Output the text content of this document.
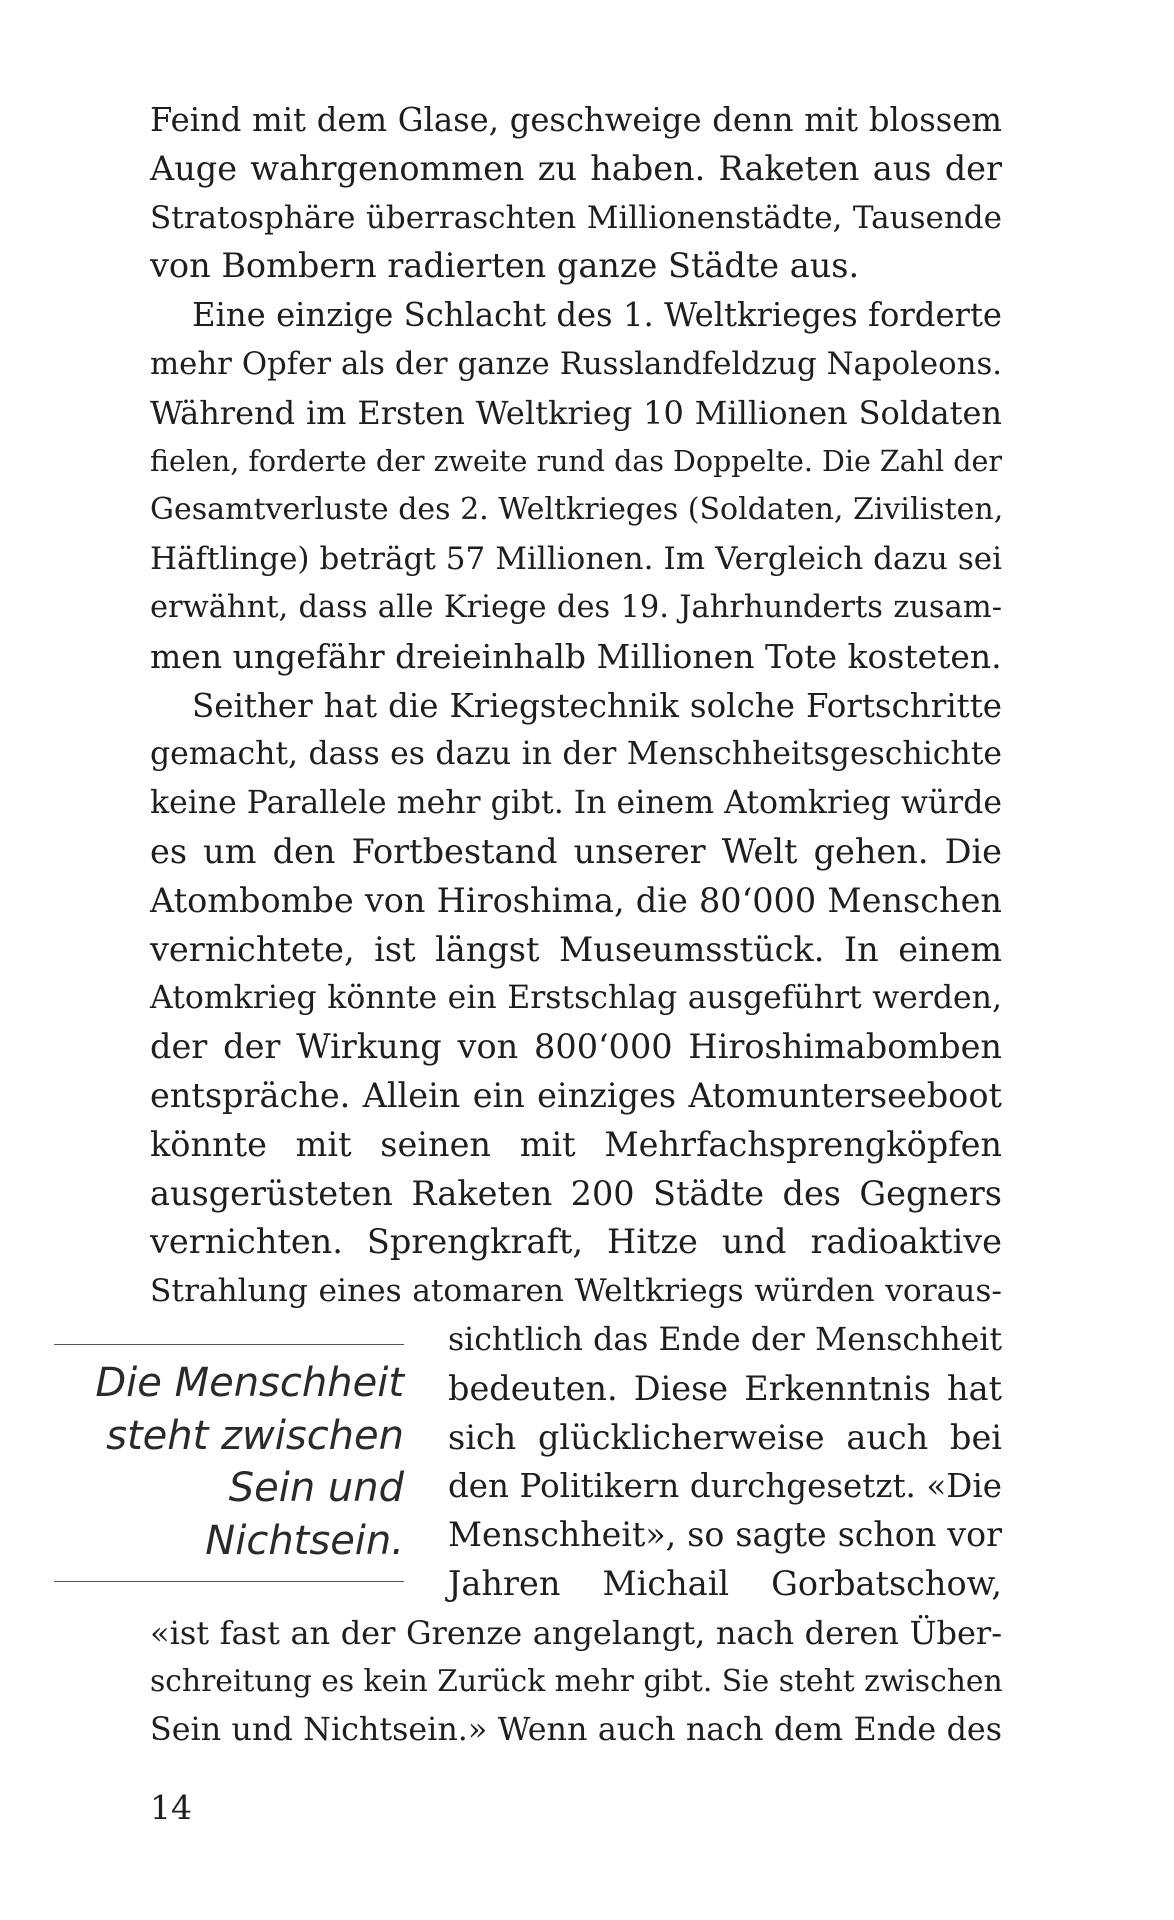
Feind mit dem Glase, geschweige denn mit blossem
Auge wahrgenommen zu haben. Raketen aus der
Stratosphäre überraschten Millionenstädte, Tausende
von Bombern radierten ganze Städte aus.
Eine einzige Schlacht des 1. Weltkrieges forderte
mehr Opfer als der ganze Russlandfeldzug Napoleons.
Während im Ersten Weltkrieg 10 Millionen Soldaten
fielen, forderte der zweite rund das Doppelte. Die Zahl der
Gesamtverluste des 2. Weltkrieges (Soldaten, Zivilisten,
Häftlinge) beträgt 57 Millionen. Im Vergleich dazu sei
erwähnt, dass alle Kriege des 19. Jahrhunderts zusam-
men ungefähr dreieinhalb Millionen Tote kosteten.
Seither hat die Kriegstechnik solche Fortschritte
gemacht, dass es dazu in der Menschheitsgeschichte
keine Parallele mehr gibt. In einem Atomkrieg würde
es um den Fortbestand unserer Welt gehen. Die
Atombombe von Hiroshima, die 80‘000 Menschen
vernichtete, ist längst Museumsstück. In einem
Atomkrieg könnte ein Erstschlag ausgeführt werden,
der der Wirkung von 800‘000 Hiroshimabomben
entspräche. Allein ein einziges Atomunterseeboot
könnte mit seinen mit Mehrfachsprengköpfen
ausgerüsteten Raketen 200 Städte des Gegners
vernichten. Sprengkraft, Hitze und radioaktive
Strahlung eines atomaren Weltkriegs würden voraus-
sichtlich das Ende der Menschheit
bedeuten. Diese Erkenntnis hat
sich glücklicherweise auch bei
den Politikern durchgesetzt. «Die
Menschheit», so sagte schon vor
Jahren Michail Gorbatschow,
«ist fast an der Grenze angelangt, nach deren Über-
schreitung es kein Zurück mehr gibt. Sie steht zwischen
Sein und Nichtsein.» Wenn auch nach dem Ende des
Die Menschheit
steht zwischen
Sein und
Nichtsein.
14
